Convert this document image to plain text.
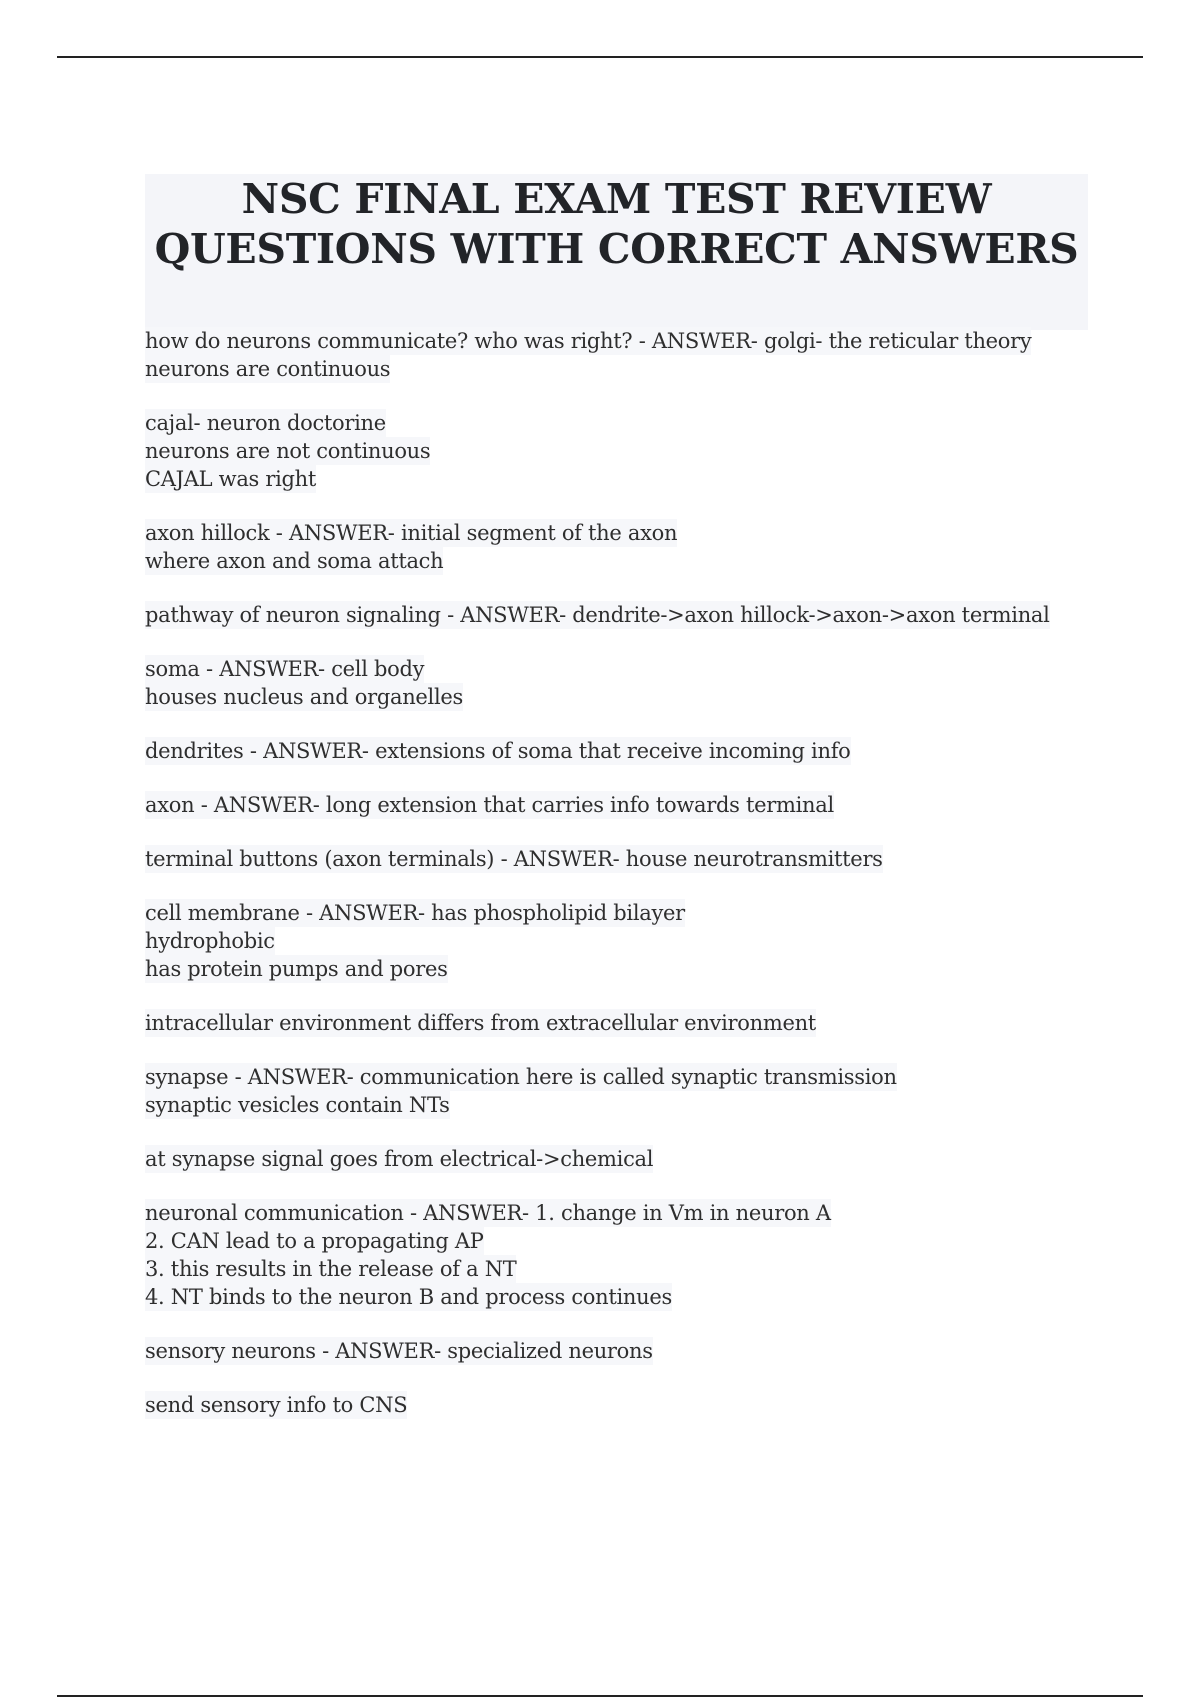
NSC FINAL EXAM TEST REVIEW
QUESTIONS WITH CORRECT ANSWERS
how do neurons communicate? who was right? - ANSWER- golgi- the reticular theory
neurons are continuous
cajal- neuron doctorine
neurons are not continuous
CAJAL was right
axon hillock - ANSWER- initial segment of the axon
where axon and soma attach
pathway of neuron signaling - ANSWER- dendrite->axon hillock->axon->axon terminal
soma - ANSWER- cell body
houses nucleus and organelles
dendrites - ANSWER- extensions of soma that receive incoming info
axon - ANSWER- long extension that carries info towards terminal
terminal buttons (axon terminals) - ANSWER- house neurotransmitters
cell membrane - ANSWER- has phospholipid bilayer
hydrophobic
has protein pumps and pores
intracellular environment differs from extracellular environment
synapse - ANSWER- communication here is called synaptic transmission
synaptic vesicles contain NTs
at synapse signal goes from electrical->chemical
neuronal communication - ANSWER- 1. change in Vm in neuron A
2. CAN lead to a propagating AP
3. this results in the release of a NT
4. NT binds to the neuron B and process continues
sensory neurons - ANSWER- specialized neurons
send sensory info to CNS
